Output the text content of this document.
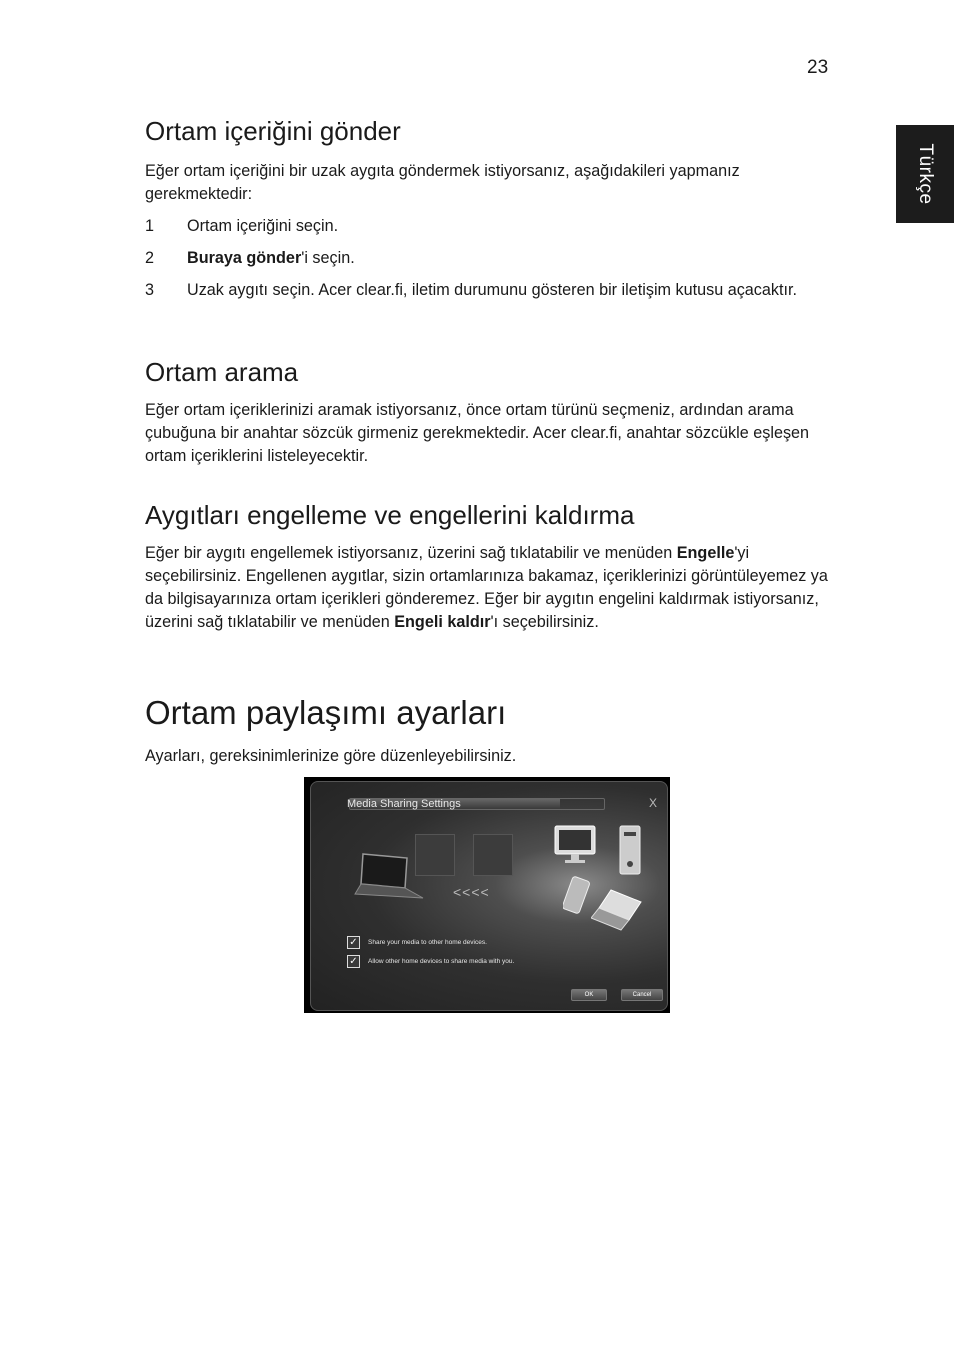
23
Türkçe
Ortam içeriğini gönder

Eğer ortam içeriğini bir uzak aygıta göndermek istiyorsanız, aşağıdakileri yapmanız gerekmektedir:

1 Ortam içeriğini seçin.
2 Buraya gönder'i seçin.
3 Uzak aygıtı seçin. Acer clear.fi, iletim durumunu gösteren bir iletişim kutusu açacaktır.
Ortam arama

Eğer ortam içeriklerinizi aramak istiyorsanız, önce ortam türünü seçmeniz, ardından arama çubuğuna bir anahtar sözcük girmeniz gerekmektedir. Acer clear.fi, anahtar sözcükle eşleşen ortam içeriklerini listeleyecektir.

Aygıtları engelleme ve engellerini kaldırma

Eğer bir aygıtı engellemek istiyorsanız, üzerini sağ tıklatabilir ve menüden Engelle'yi seçebilirsiniz. Engellenen aygıtlar, sizin ortamlarınıza bakamaz, içeriklerinizi görüntüleyemez ya da bilgisayarınıza ortam içerikleri gönderemez. Eğer bir aygıtın engelini kaldırmak istiyorsanız, üzerini sağ tıklatabilir ve menüden Engeli kaldır'ı seçebilirsiniz.

Ortam paylaşımı ayarları

Ayarları, gereksinimlerinize göre düzenleyebilirsiniz.

Media Sharing Settings	X
<<<<
✓	Share your media to other home devices.
✓	Allow other home devices to share media with you.
OK	Cancel
